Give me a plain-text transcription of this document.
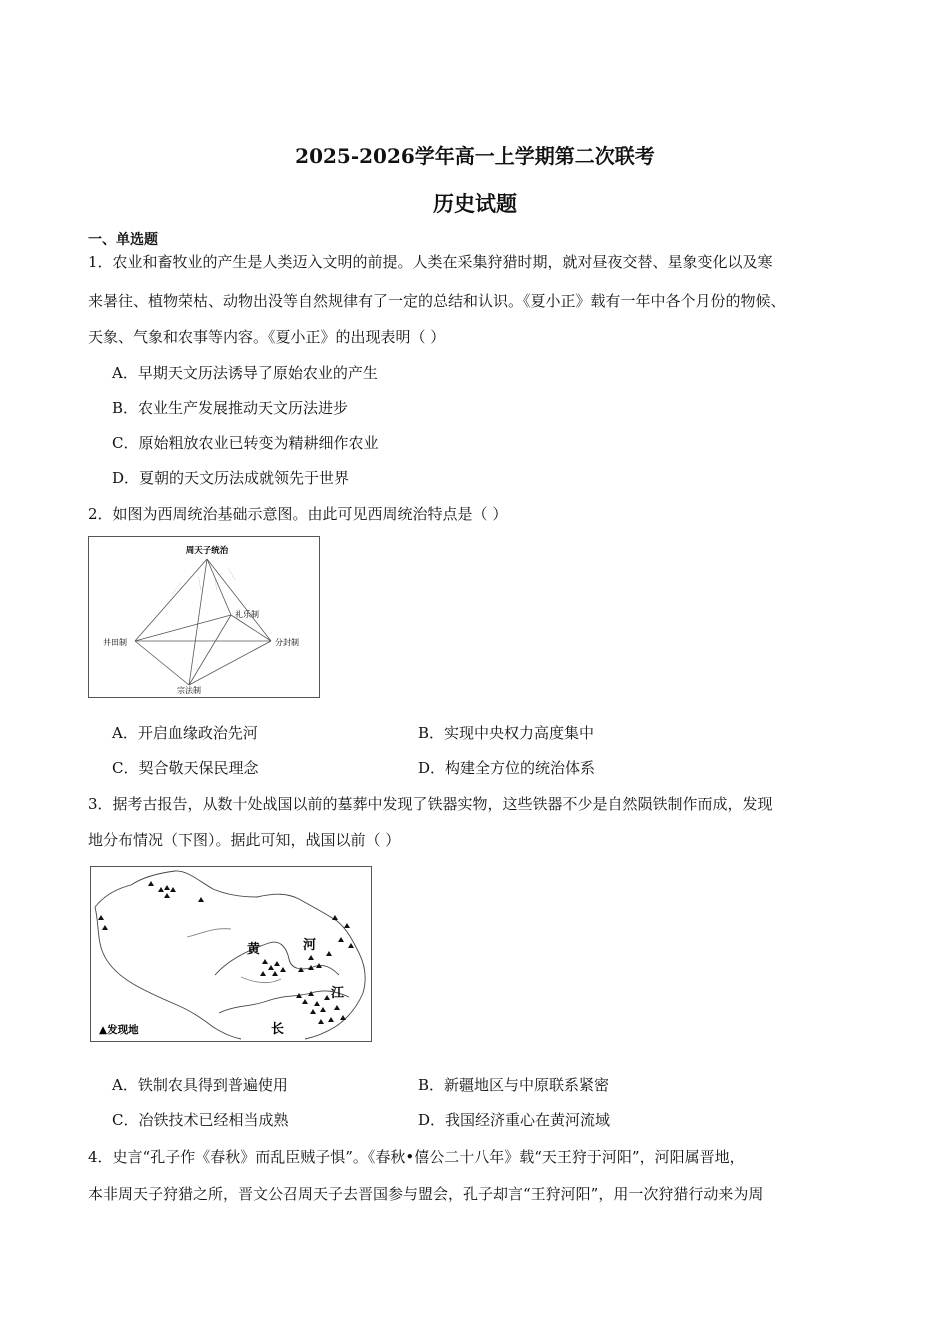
2025-2026学年高一上学期第二次联考
历史试题
一、单选题
1．农业和畜牧业的产生是人类迈入文明的前提。人类在采集狩猎时期，就对昼夜交替、星象变化以及寒
来暑往、植物荣枯、动物出没等自然规律有了一定的总结和认识。《夏小正》载有一年中各个月份的物候、
天象、气象和农事等内容。《夏小正》的出现表明（ ）
A．早期天文历法诱导了原始农业的产生
B．农业生产发展推动天文历法进步
C．原始粗放农业已转变为精耕细作农业
D．夏朝的天文历法成就领先于世界
2．如图为西周统治基础示意图。由此可见西周统治特点是（ ）
··········	·········· ··········
··········
周天子统治
井田制	分封制
宗法制
礼乐制
A．开启血缘政治先河	B．实现中央权力高度集中
C．契合敬天保民理念	D．构建全方位的统治体系
3．据考古报告，从数十处战国以前的墓葬中发现了铁器实物，这些铁器不少是自然陨铁制作而成，发现
地分布情况（下图）。据此可知，战国以前（ ）
黄	河
长
江
▲发现地
A．铁制农具得到普遍使用	B．新疆地区与中原联系紧密
C．冶铁技术已经相当成熟	D．我国经济重心在黄河流域
4．史言“孔子作《春秋》而乱臣贼子惧”。《春秋•僖公二十八年》载“天王狩于河阳”，河阳属晋地，
本非周天子狩猎之所，晋文公召周天子去晋国参与盟会，孔子却言“王狩河阳”，用一次狩猎行动来为周
